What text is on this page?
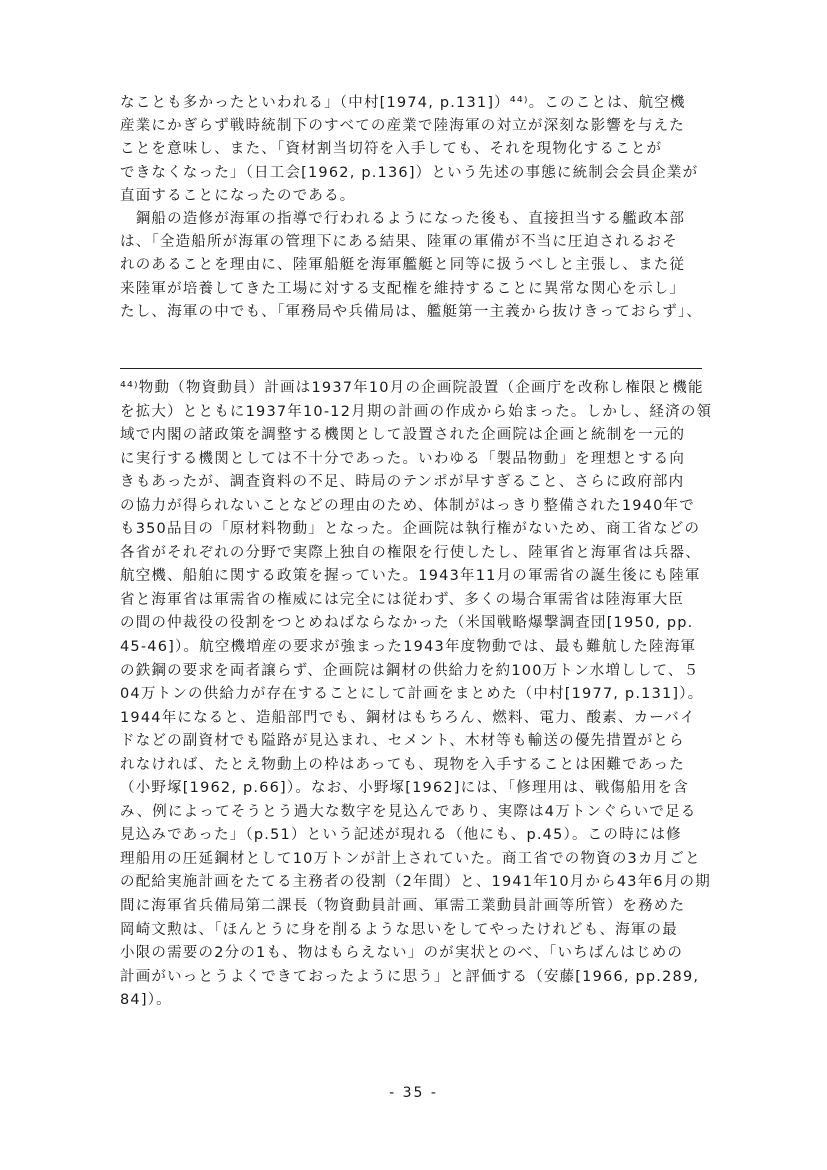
なことも多かったといわれる」（中村[1974, p.131]）⁴⁴⁾。このことは、航空機
産業にかぎらず戦時統制下のすべての産業で陸海軍の対立が深刻な影響を与えた
ことを意味し、また、「資材割当切符を入手しても、それを現物化することが
できなくなった」（日工会[1962, p.136]）という先述の事態に統制会会員企業が
直面することになったのである。
　鋼船の造修が海軍の指導で行われるようになった後も、直接担当する艦政本部
は、「全造船所が海軍の管理下にある結果、陸軍の軍備が不当に圧迫されるおそ
れのあることを理由に、陸軍船艇を海軍艦艇と同等に扱うべしと主張し、また従
来陸軍が培養してきた工場に対する支配権を維持することに異常な関心を示し」
たし、海軍の中でも、「軍務局や兵備局は、艦艇第一主義から抜けきっておらず」、
⁴⁴⁾物動（物資動員）計画は1937年10月の企画院設置（企画庁を改称し権限と機能
を拡大）とともに1937年10-12月期の計画の作成から始まった。しかし、経済の領
域で内閣の諸政策を調整する機関として設置された企画院は企画と統制を一元的
に実行する機関としては不十分であった。いわゆる「製品物動」を理想とする向
きもあったが、調査資料の不足、時局のテンポが早すぎること、さらに政府部内
の協力が得られないことなどの理由のため、体制がはっきり整備された1940年で
も350品目の「原材料物動」となった。企画院は執行権がないため、商工省などの
各省がそれぞれの分野で実際上独自の権限を行使したし、陸軍省と海軍省は兵器、
航空機、船舶に関する政策を握っていた。1943年11月の軍需省の誕生後にも陸軍
省と海軍省は軍需省の権威には完全には従わず、多くの場合軍需省は陸海軍大臣
の間の仲裁役の役割をつとめねばならなかった（米国戦略爆撃調査団[1950, pp.
45-46]）。航空機増産の要求が強まった1943年度物動では、最も難航した陸海軍
の鉄鋼の要求を両者譲らず、企画院は鋼材の供給力を約100万トン水増しして、５
04万トンの供給力が存在することにして計画をまとめた（中村[1977, p.131]）。
1944年になると、造船部門でも、鋼材はもちろん、燃料、電力、酸素、カーバイ
ドなどの副資材でも隘路が見込まれ、セメント、木材等も輸送の優先措置がとら
れなければ、たとえ物動上の枠はあっても、現物を入手することは困難であった
（小野塚[1962, p.66]）。なお、小野塚[1962]には、「修理用は、戦傷船用を含
み、例によってそうとう過大な数字を見込んであり、実際は4万トンぐらいで足る
見込みであった」（p.51）という記述が現れる（他にも、p.45）。この時には修
理船用の圧延鋼材として10万トンが計上されていた。商工省での物資の3カ月ごと
の配給実施計画をたてる主務者の役割（2年間）と、1941年10月から43年6月の期
間に海軍省兵備局第二課長（物資動員計画、軍需工業動員計画等所管）を務めた
岡崎文勲は、「ほんとうに身を削るような思いをしてやったけれども、海軍の最
小限の需要の2分の1も、物はもらえない」のが実状とのべ、「いちばんはじめの
計画がいっとうよくできておったように思う」と評価する（安藤[1966, pp.289,
84]）。
- 35 -
